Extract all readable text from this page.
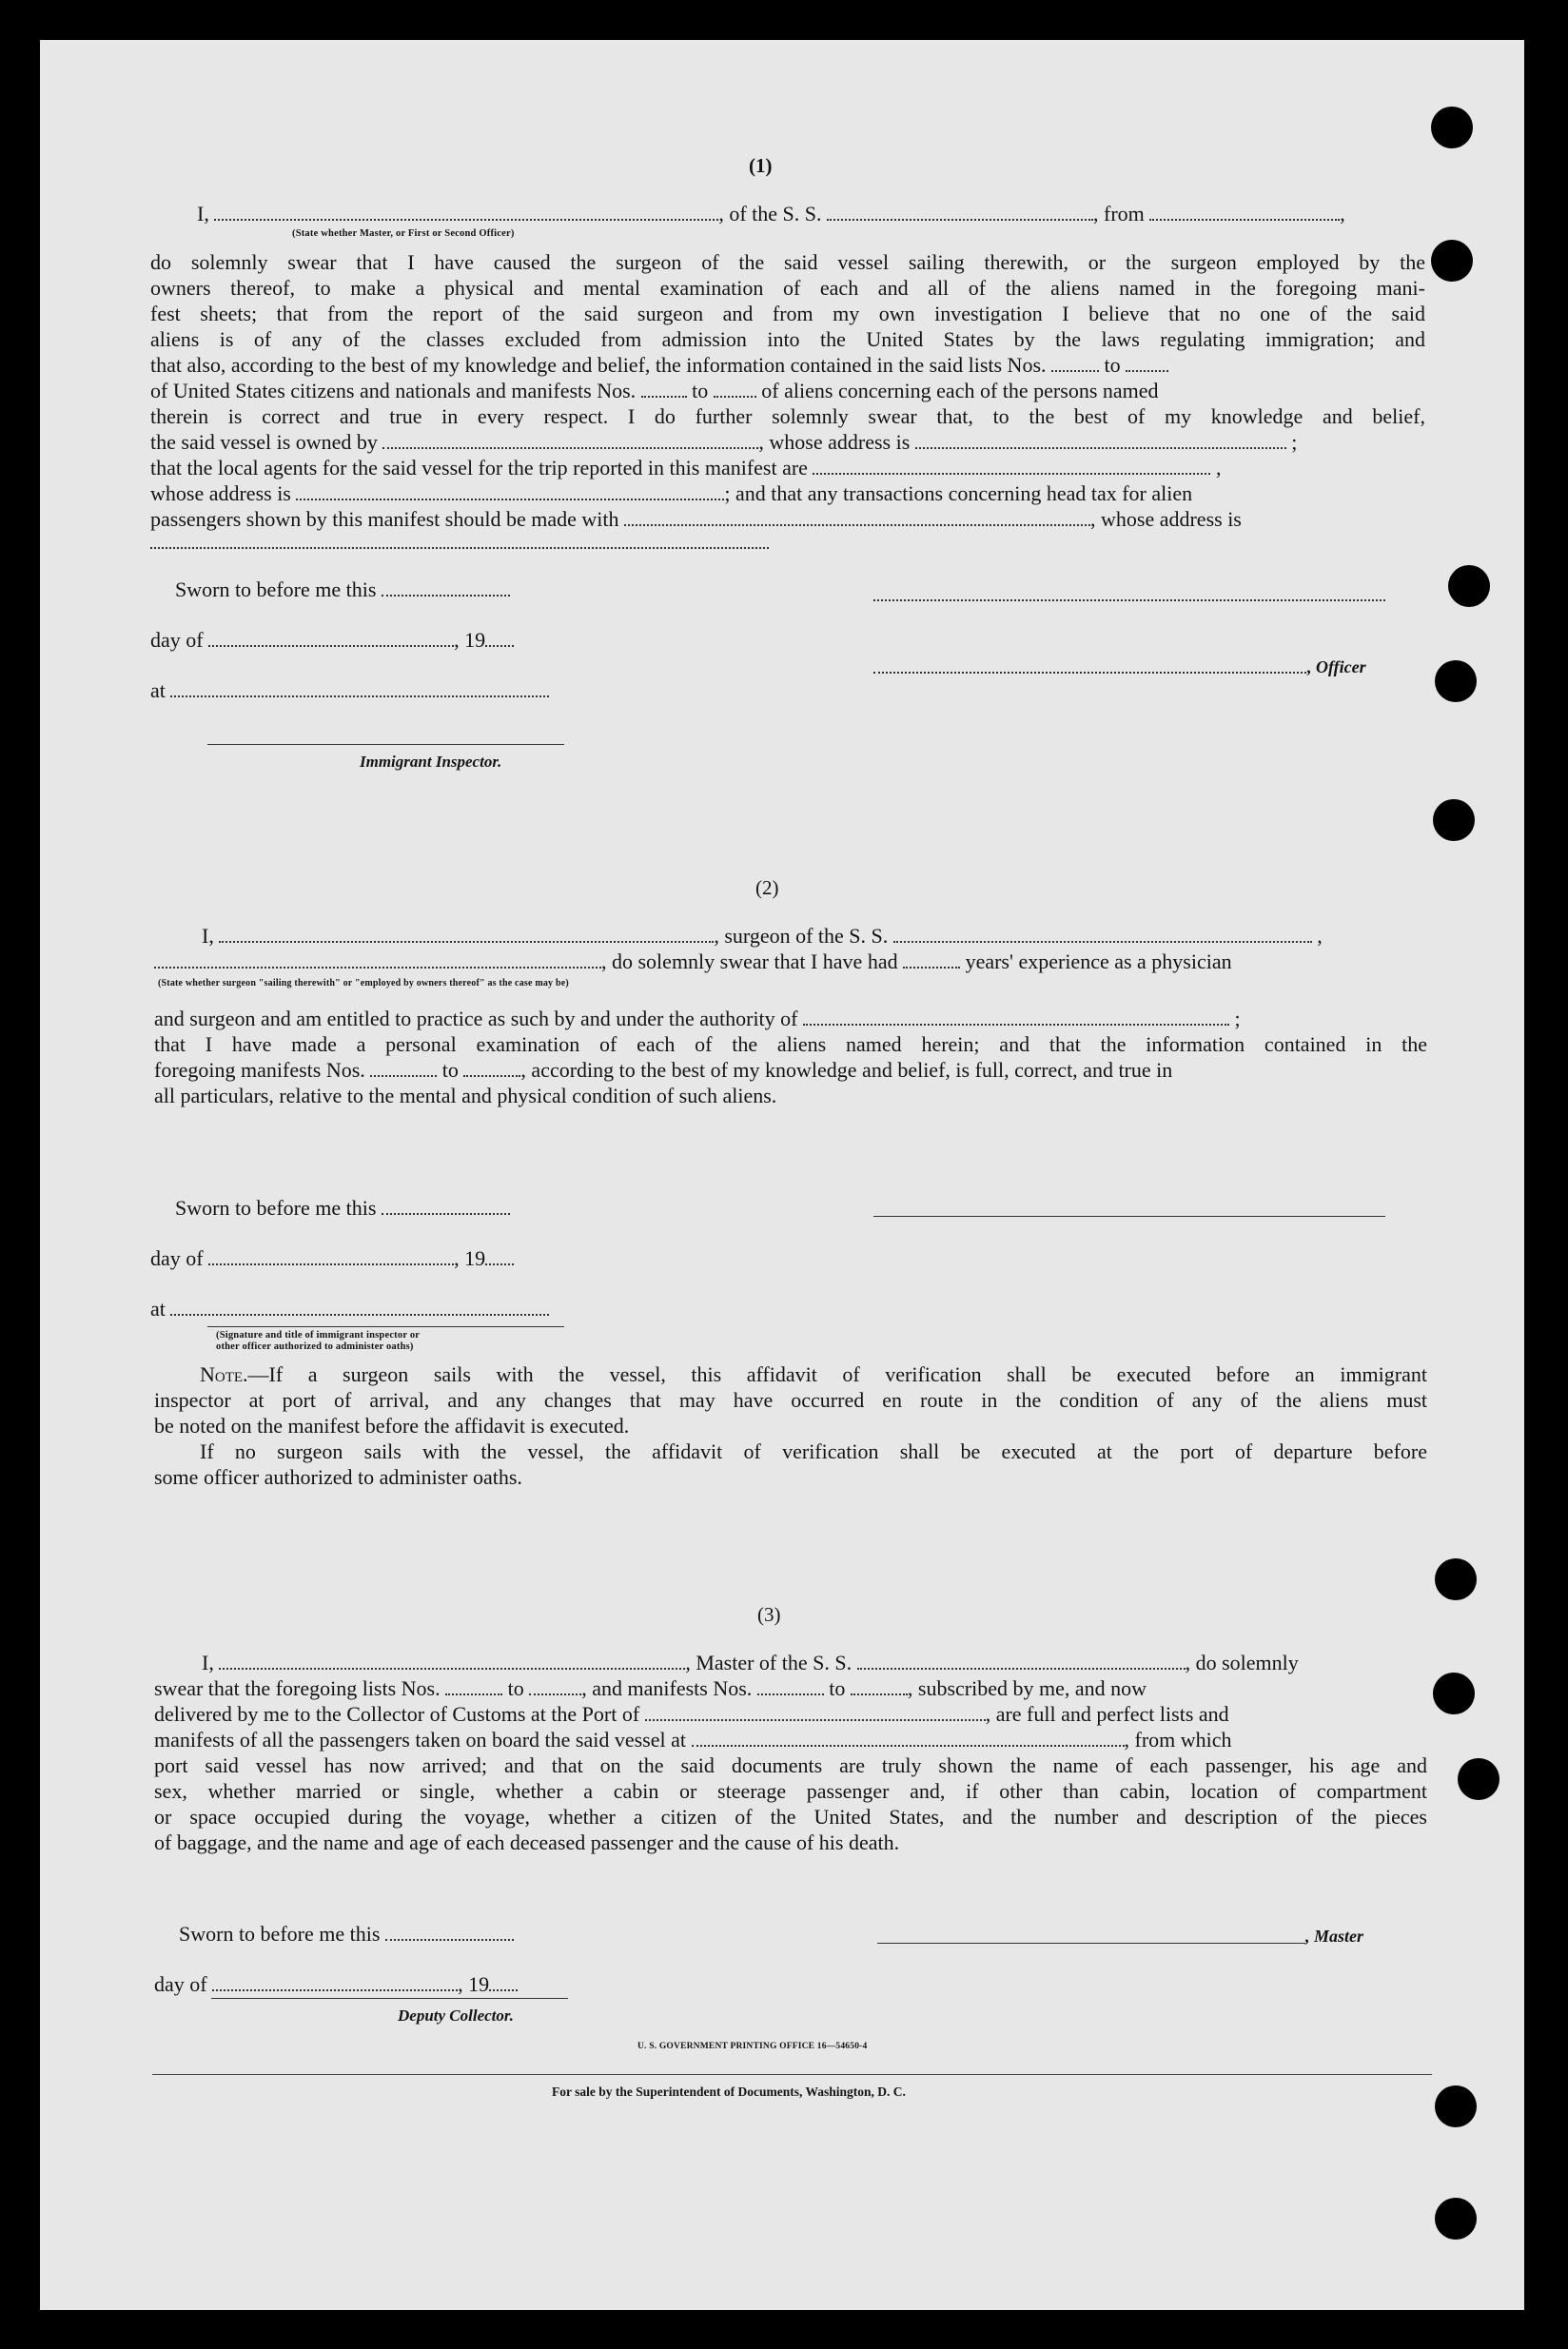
(1)
I,	, of the S. S.	, from	,
(State whether Master, or First or Second Officer)
do solemnly swear that I have caused the surgeon of the said vessel sailing therewith, or the surgeon employed by the
owners thereof, to make a physical and mental examination of each and all of the aliens named in the foregoing mani-
fest sheets; that from the report of the said surgeon and from my own investigation I believe that no one of the said
aliens is of any of the classes excluded from admission into the United States by the laws regulating immigration; and
that also, according to the best of my knowledge and belief, the information contained in the said lists Nos.	to
of United States citizens and nationals and manifests Nos.	to	of aliens concerning each of the persons named
therein is correct and true in every respect. I do further solemnly swear that, to the best of my knowledge and belief,
the said vessel is owned by	, whose address is	;
that the local agents for the said vessel for the trip reported in this manifest are	,
whose address is	; and that any transactions concerning head tax for alien
passengers shown by this manifest should be made with	, whose address is
Sworn to before me this
day of	, 19
, Officer
at
Immigrant Inspector.
(2)
I,	, surgeon of the S. S.	,
, do solemnly swear that I have had	years' experience as a physician
(State whether surgeon "sailing therewith" or "employed by owners thereof" as the case may be)
and surgeon and am entitled to practice as such by and under the authority of	;
that I have made a personal examination of each of the aliens named herein; and that the information contained in the
foregoing manifests Nos.	to	, according to the best of my knowledge and belief, is full, correct, and true in
all particulars, relative to the mental and physical condition of such aliens.
Sworn to before me this
day of	, 19
at
(Signature and title of immigrant inspector or
other officer authorized to administer oaths)
Note.—If a surgeon sails with the vessel, this affidavit of verification shall be executed before an immigrant
inspector at port of arrival, and any changes that may have occurred en route in the condition of any of the aliens must
be noted on the manifest before the affidavit is executed.
If no surgeon sails with the vessel, the affidavit of verification shall be executed at the port of departure before
some officer authorized to administer oaths.
(3)
I,	, Master of the S. S.	, do solemnly
swear that the foregoing lists Nos.	to	, and manifests Nos.	to	, subscribed by me, and now
delivered by me to the Collector of Customs at the Port of	, are full and perfect lists and
manifests of all the passengers taken on board the said vessel at	, from which
port said vessel has now arrived; and that on the said documents are truly shown the name of each passenger, his age and
sex, whether married or single, whether a cabin or steerage passenger and, if other than cabin, location of compartment
or space occupied during the voyage, whether a citizen of the United States, and the number and description of the pieces
of baggage, and the name and age of each deceased passenger and the cause of his death.
Sworn to before me this	, Master
day of	, 19
Deputy Collector.
U. S. GOVERNMENT PRINTING OFFICE 16—54650-4
For sale by the Superintendent of Documents, Washington, D. C.
